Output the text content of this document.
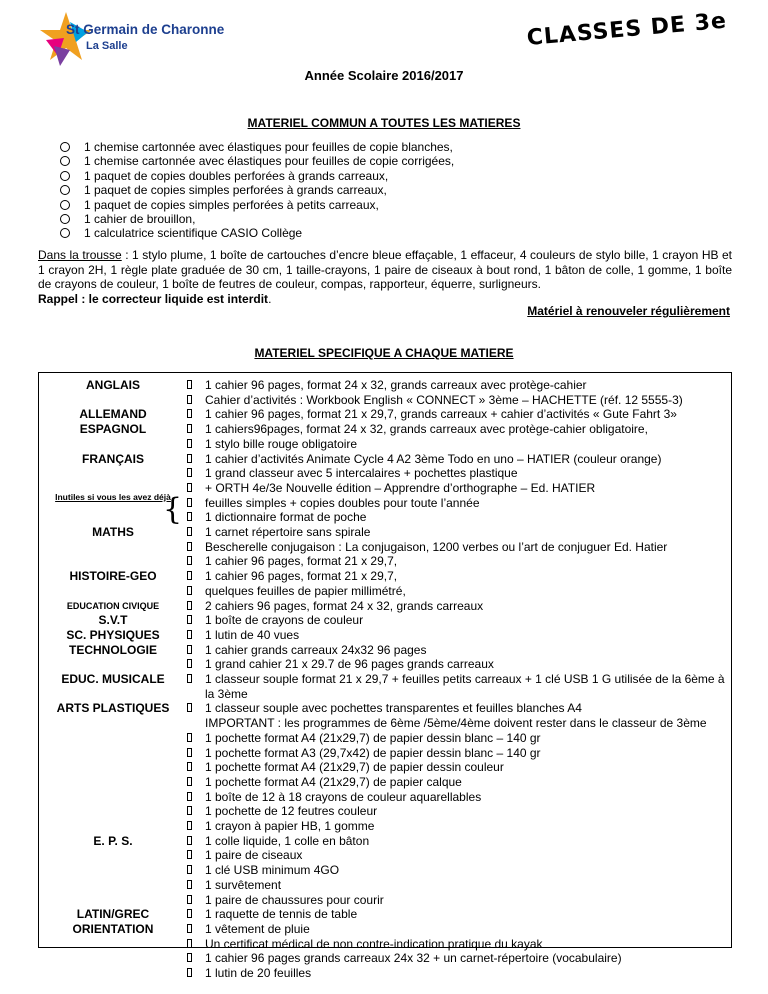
St Germain de Charonne
La Salle	CLASSES DE 3e
Année Scolaire 2016/2017
MATERIEL COMMUN A TOUTES LES MATIERES
1 chemise cartonnée avec élastiques pour feuilles de copie blanches,
1 chemise cartonnée avec élastiques pour feuilles de copie corrigées,
1 paquet de copies doubles perforées à grands carreaux,
1 paquet de copies simples perforées à grands carreaux,
1 paquet de copies simples perforées à petits carreaux,
1 cahier de brouillon,
1 calculatrice scientifique CASIO Collège
Dans la trousse : 1 stylo plume, 1 boîte de cartouches d’encre bleue effaçable, 1 effaceur, 4 couleurs de stylo bille, 1 crayon HB et 1 crayon 2H, 1 règle plate graduée de 30 cm, 1 taille-crayons, 1 paire de ciseaux à bout rond, 1 bâton de colle, 1 gomme, 1 boîte de crayons de couleur, 1 boîte de feutres de couleur, compas, rapporteur, équerre, surligneurs.
Rappel : le correcteur liquide est interdit.
Matériel à renouveler régulièrement
MATERIEL SPECIFIQUE A CHAQUE MATIERE
ANGLAIS
ALLEMAND
ESPAGNOL
FRANÇAIS
Inutiles si vous les avez déjà
MATHS
HISTOIRE-GEO
EDUCATION CIVIQUE
S.V.T
SC. PHYSIQUES
TECHNOLOGIE
EDUC. MUSICALE
ARTS PLASTIQUES
E. P. S.
LATIN/GREC
ORIENTATION
{
1 cahier 96 pages, format 24 x 32, grands carreaux avec protège-cahier
Cahier d’activités : Workbook English « CONNECT » 3ème – HACHETTE (réf. 12 5555-3)
1 cahier 96 pages, format 21 x 29,7, grands carreaux + cahier d’activités « Gute Fahrt 3»
1 cahiers96pages, format 24 x 32, grands carreaux avec protège-cahier obligatoire,
1 stylo bille rouge obligatoire
1 cahier d’activités Animate Cycle 4 A2 3ème Todo en uno – HATIER (couleur orange)
1 grand classeur avec 5 intercalaires + pochettes plastique
+ ORTH 4e/3e Nouvelle édition – Apprendre d’orthographe – Ed. HATIER
feuilles simples + copies doubles pour toute l’année
1 dictionnaire format de poche
1 carnet répertoire sans spirale
Bescherelle conjugaison : La conjugaison, 1200 verbes ou l’art de conjuguer Ed. Hatier
1 cahier 96 pages, format 21 x 29,7,
1 cahier 96 pages, format 21 x 29,7,
quelques feuilles de papier millimétré,
2 cahiers 96 pages, format 24 x 32, grands carreaux
1 boîte de crayons de couleur
1 lutin de 40 vues
1 cahier grands carreaux 24x32 96 pages
1 grand cahier 21 x 29.7 de 96 pages grands carreaux
1 classeur souple format 21 x 29,7 + feuilles petits carreaux + 1 clé USB 1 G utilisée de la 6ème à la 3ème
1 classeur souple avec pochettes transparentes et feuilles blanches A4
IMPORTANT : les programmes de 6ème /5ème/4ème doivent rester dans le classeur de 3ème
1 pochette format A4 (21x29,7) de papier dessin blanc – 140 gr
1 pochette format A3 (29,7x42) de papier dessin blanc – 140 gr
1 pochette format A4 (21x29,7) de papier dessin couleur
1 pochette format A4 (21x29,7) de papier calque
1 boîte de 12 à 18 crayons de couleur aquarellables
1 pochette de 12 feutres couleur
1 crayon à papier HB, 1 gomme
1 colle liquide, 1 colle en bâton
1 paire de ciseaux
1 clé USB minimum 4GO
1 survêtement
1 paire de chaussures pour courir
1 raquette de tennis de table
1 vêtement de pluie
Un certificat médical de non contre-indication pratique du kayak
1 cahier 96 pages grands carreaux 24x 32 + un carnet-répertoire (vocabulaire)
1 lutin de 20 feuilles
